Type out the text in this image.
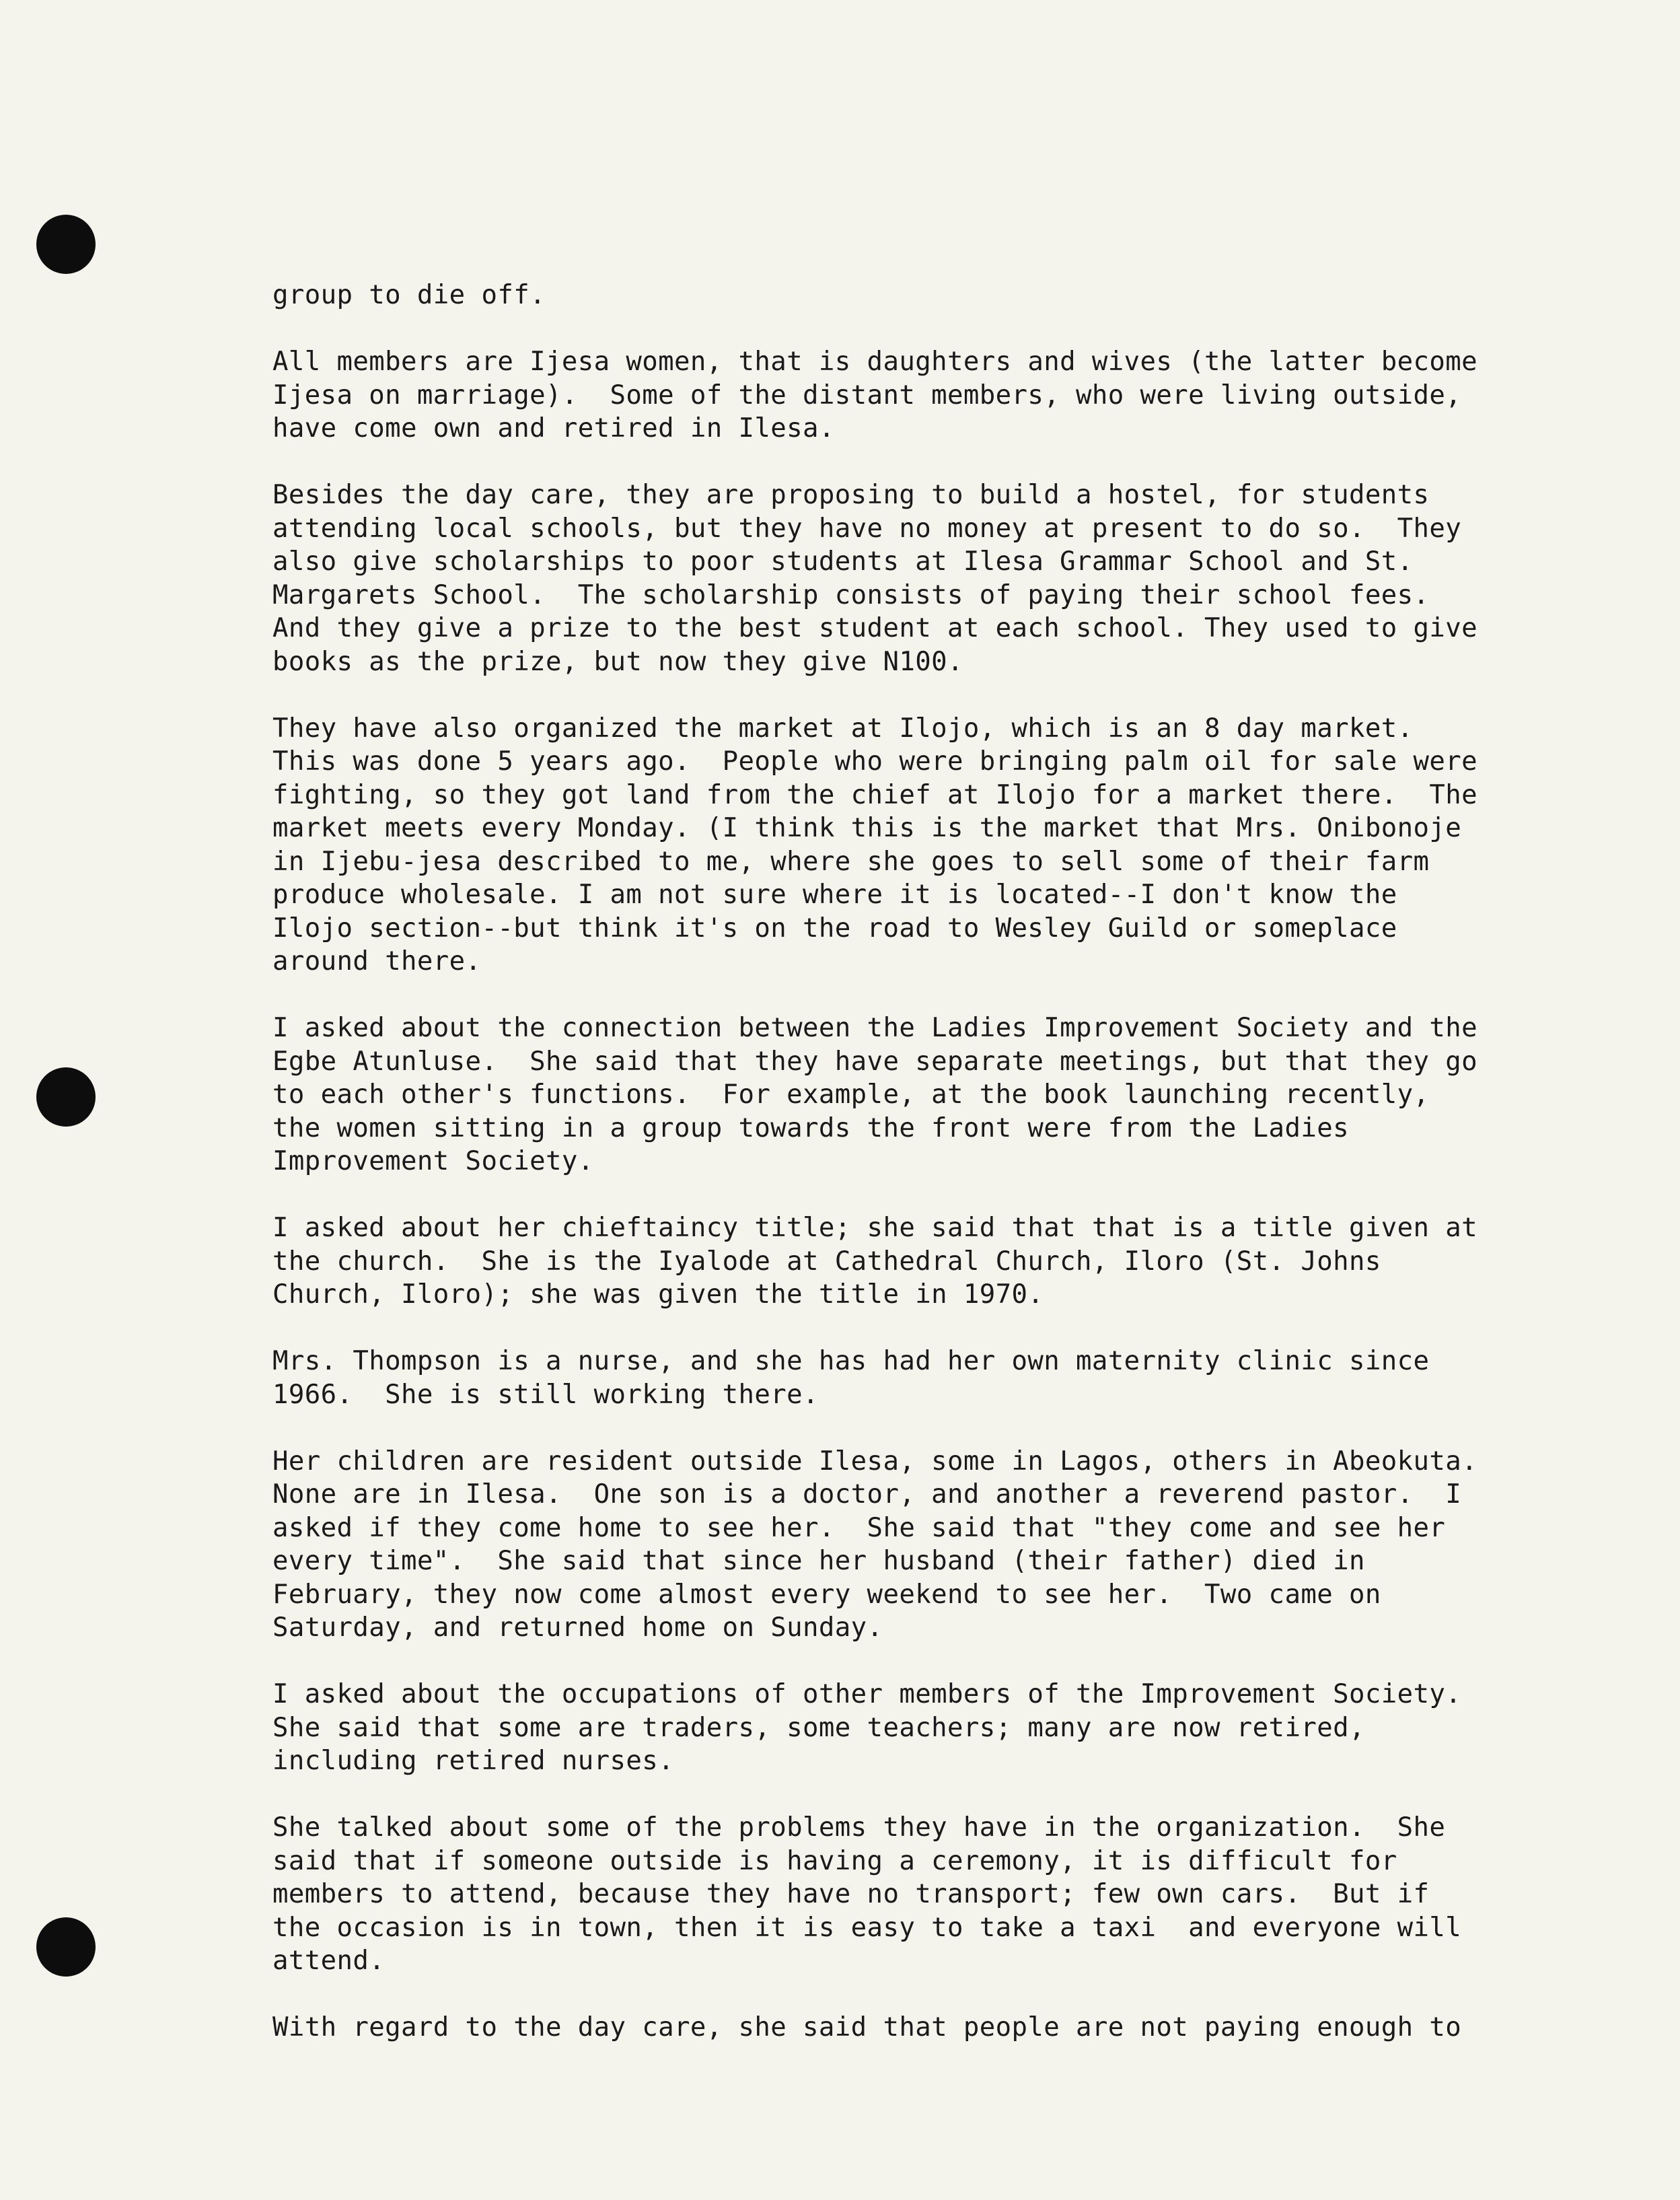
group to die off.

All members are Ijesa women, that is daughters and wives (the latter become
Ijesa on marriage).  Some of the distant members, who were living outside,
have come own and retired in Ilesa.

Besides the day care, they are proposing to build a hostel, for students
attending local schools, but they have no money at present to do so.  They
also give scholarships to poor students at Ilesa Grammar School and St.
Margarets School.  The scholarship consists of paying their school fees.
And they give a prize to the best student at each school. They used to give
books as the prize, but now they give N100.

They have also organized the market at Ilojo, which is an 8 day market.
This was done 5 years ago.  People who were bringing palm oil for sale were
fighting, so they got land from the chief at Ilojo for a market there.  The
market meets every Monday. (I think this is the market that Mrs. Onibonoje
in Ijebu-jesa described to me, where she goes to sell some of their farm
produce wholesale. I am not sure where it is located--I don't know the
Ilojo section--but think it's on the road to Wesley Guild or someplace
around there.

I asked about the connection between the Ladies Improvement Society and the
Egbe Atunluse.  She said that they have separate meetings, but that they go
to each other's functions.  For example, at the book launching recently,
the women sitting in a group towards the front were from the Ladies
Improvement Society.

I asked about her chieftaincy title; she said that that is a title given at
the church.  She is the Iyalode at Cathedral Church, Iloro (St. Johns
Church, Iloro); she was given the title in 1970.

Mrs. Thompson is a nurse, and she has had her own maternity clinic since
1966.  She is still working there.

Her children are resident outside Ilesa, some in Lagos, others in Abeokuta.
None are in Ilesa.  One son is a doctor, and another a reverend pastor.  I
asked if they come home to see her.  She said that "they come and see her
every time".  She said that since her husband (their father) died in
February, they now come almost every weekend to see her.  Two came on
Saturday, and returned home on Sunday.

I asked about the occupations of other members of the Improvement Society.
She said that some are traders, some teachers; many are now retired,
including retired nurses.

She talked about some of the problems they have in the organization.  She
said that if someone outside is having a ceremony, it is difficult for
members to attend, because they have no transport; few own cars.  But if
the occasion is in town, then it is easy to take a taxi  and everyone will
attend.

With regard to the day care, she said that people are not paying enough to
